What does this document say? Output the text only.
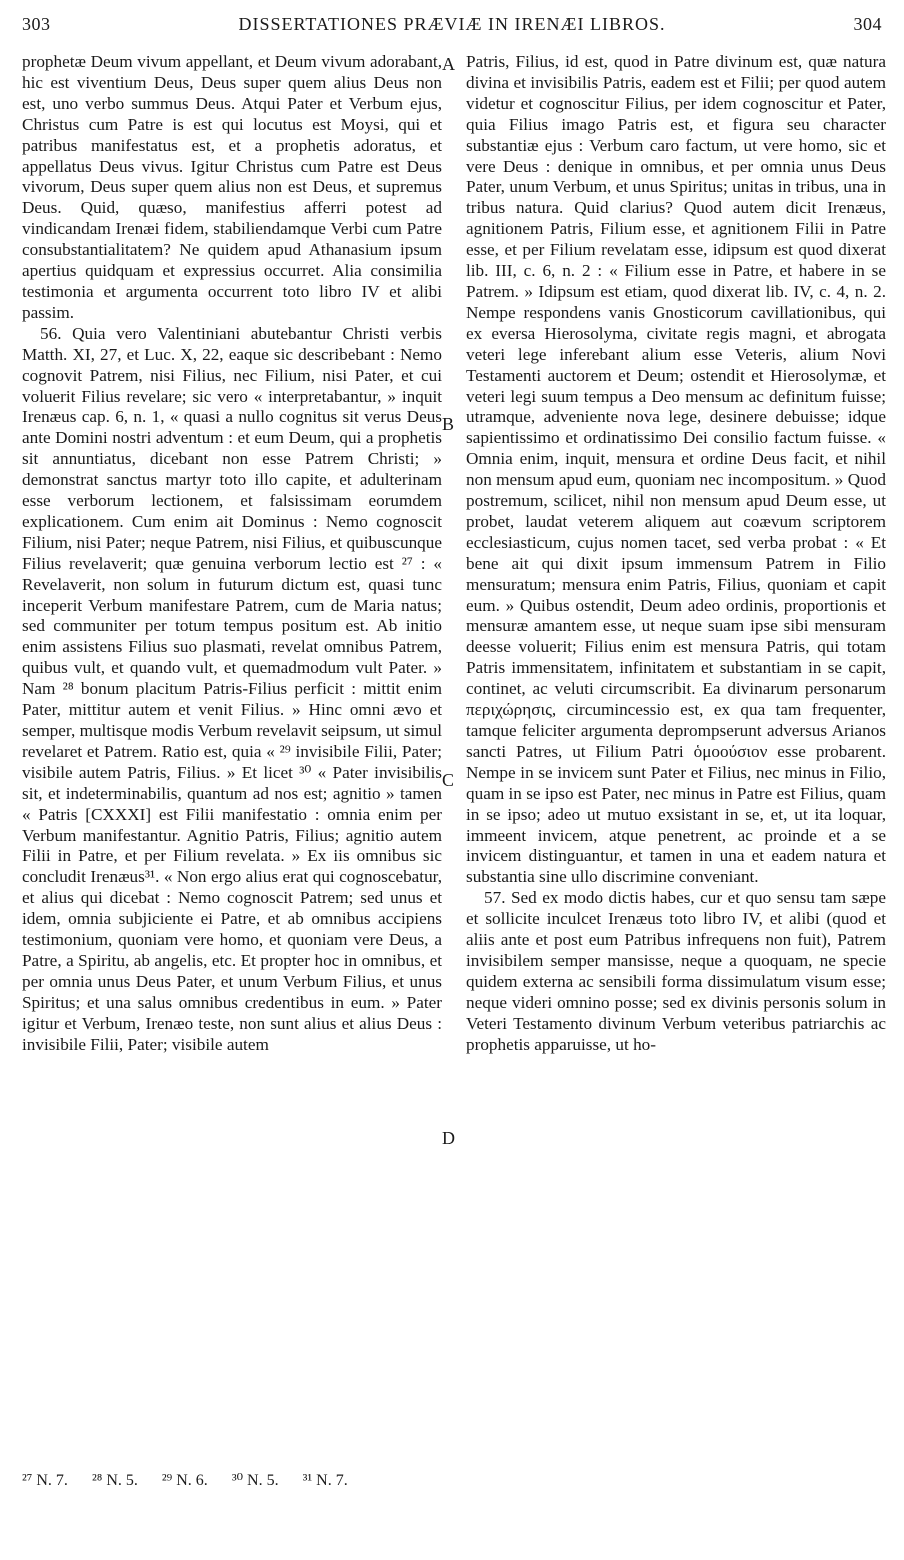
303	DISSERTATIONES PRÆVIÆ IN IRENÆI LIBROS.	304

prophetæ Deum vivum appellant, et Deum vivum adorabant, hic est viventium Deus, Deus super quem alius Deus non est, uno verbo summus Deus. Atqui Pater et Verbum ejus, Christus cum Patre is est qui locutus est Moysi, qui et patribus manifestatus est, et a prophetis adoratus, et appellatus Deus vivus. Igitur Christus cum Patre est Deus vivorum, Deus super quem alius non est Deus, et supremus Deus. Quid, quæso, manifestius afferri potest ad vindicandam Irenæi fidem, stabiliendamque Verbi cum Patre consubstantialitatem? Ne quidem apud Athanasium ipsum apertius quidquam et expressius occurret. Alia consimilia testimonia et argumenta occurrent toto libro IV et alibi passim.

56. Quia vero Valentiniani abutebantur Christi verbis Matth. XI, 27, et Luc. X, 22, eaque sic describebant : Nemo cognovit Patrem, nisi Filius, nec Filium, nisi Pater, et cui voluerit Filius revelare; sic vero « interpretabantur, » inquit Irenæus cap. 6, n. 1, « quasi a nullo cognitus sit verus Deus ante Domini nostri adventum : et eum Deum, qui a prophetis sit annuntiatus, dicebant non esse Patrem Christi; » demonstrat sanctus martyr toto illo capite, et adulterinam esse verborum lectionem, et falsissimam eorumdem explicationem. Cum enim ait Dominus : Nemo cognoscit Filium, nisi Pater; neque Patrem, nisi Filius, et quibuscunque Filius revelaverit; quæ genuina verborum lectio est ²⁷ : « Revelaverit, non solum in futurum dictum est, quasi tunc inceperit Verbum manifestare Patrem, cum de Maria natus; sed communiter per totum tempus positum est. Ab initio enim assistens Filius suo plasmati, revelat omnibus Patrem, quibus vult, et quando vult, et quemadmodum vult Pater. » Nam ²⁸ bonum placitum Patris-Filius perficit : mittit enim Pater, mittitur autem et venit Filius. » Hinc omni ævo et semper, multisque modis Verbum revelavit seipsum, ut simul revelaret et Patrem. Ratio est, quia « ²⁹ invisibile Filii, Pater; visibile autem Patris, Filius. » Et licet ³⁰ « Pater invisibilis sit, et indeterminabilis, quantum ad nos est; agnitio » tamen « Patris [CXXXI] est Filii manifestatio : omnia enim per Verbum manifestantur. Agnitio Patris, Filius; agnitio autem Filii in Patre, et per Filium revelata. » Ex iis omnibus sic concludit Irenæus³¹. « Non ergo alius erat qui cognoscebatur, et alius qui dicebat : Nemo cognoscit Patrem; sed unus et idem, omnia subjiciente ei Patre, et ab omnibus accipiens testimonium, quoniam vere homo, et quoniam vere Deus, a Patre, a Spiritu, ab angelis, etc. Et propter hoc in omnibus, et per omnia unus Deus Pater, et unum Verbum Filius, et unus Spiritus; et una salus omnibus credentibus in eum. » Pater igitur et Verbum, Irenæo teste, non sunt alius et alius Deus : invisibile Filii, Pater; visibile autem

Patris, Filius, id est, quod in Patre divinum est, quæ natura divina et invisibilis Patris, eadem est et Filii; per quod autem videtur et cognoscitur Filius, per idem cognoscitur et Pater, quia Filius imago Patris est, et figura seu character substantiæ ejus : Verbum caro factum, ut vere homo, sic et vere Deus : denique in omnibus, et per omnia unus Deus Pater, unum Verbum, et unus Spiritus; unitas in tribus, una in tribus natura. Quid clarius? Quod autem dicit Irenæus, agnitionem Patris, Filium esse, et agnitionem Filii in Patre esse, et per Filium revelatam esse, idipsum est quod dixerat lib. III, c. 6, n. 2 : « Filium esse in Patre, et habere in se Patrem. » Idipsum est etiam, quod dixerat lib. IV, c. 4, n. 2. Nempe respondens vanis Gnosticorum cavillationibus, qui ex eversa Hierosolyma, civitate regis magni, et abrogata veteri lege inferebant alium esse Veteris, alium Novi Testamenti auctorem et Deum; ostendit et Hierosolymæ, et veteri legi suum tempus a Deo mensum ac definitum fuisse; utramque, adveniente nova lege, desinere debuisse; idque sapientissimo et ordinatissimo Dei consilio factum fuisse. « Omnia enim, inquit, mensura et ordine Deus facit, et nihil non mensum apud eum, quoniam nec incompositum. » Quod postremum, scilicet, nihil non mensum apud Deum esse, ut probet, laudat veterem aliquem aut coævum scriptorem ecclesiasticum, cujus nomen tacet, sed verba probat : « Et bene ait qui dixit ipsum immensum Patrem in Filio mensuratum; mensura enim Patris, Filius, quoniam et capit eum. » Quibus ostendit, Deum adeo ordinis, proportionis et mensuræ amantem esse, ut neque suam ipse sibi mensuram deesse voluerit; Filius enim est mensura Patris, qui totam Patris immensitatem, infinitatem et substantiam in se capit, continet, ac veluti circumscribit. Ea divinarum personarum περιχώρησις, circumincessio est, ex qua tam frequenter, tamque feliciter argumenta deprompserunt adversus Arianos sancti Patres, ut Filium Patri ὁμοούσιον esse probarent. Nempe in se invicem sunt Pater et Filius, nec minus in Filio, quam in se ipso est Pater, nec minus in Patre est Filius, quam in se ipso; adeo ut mutuo exsistant in se, et, ut ita loquar, immeent invicem, atque penetrent, ac proinde et a se invicem distinguantur, et tamen in una et eadem natura et substantia sine ullo discrimine conveniant.

57. Sed ex modo dictis habes, cur et quo sensu tam sæpe et sollicite inculcet Irenæus toto libro IV, et alibi (quod et aliis ante et post eum Patribus infrequens non fuit), Patrem invisibilem semper mansisse, neque a quoquam, ne specie quidem externa ac sensibili forma dissimulatum visum esse; neque videri omnino posse; sed ex divinis personis solum in Veteri Testamento divinum Verbum veteribus patriarchis ac prophetis apparuisse, ut ho-

A
B
C
D
²⁷ N. 7. ²⁸ N. 5. ²⁹ N. 6. ³⁰ N. 5. ³¹ N. 7.
